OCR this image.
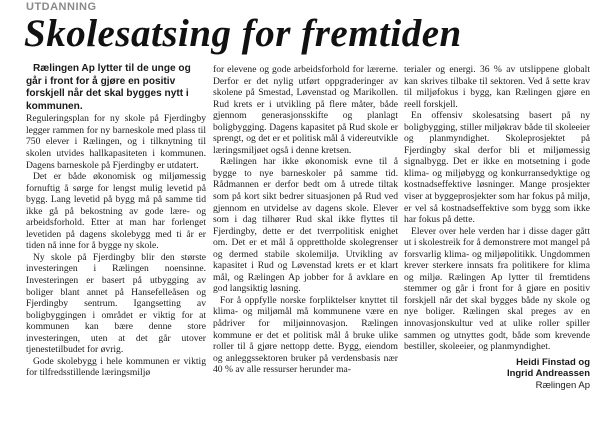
UTDANNING
Skolesatsing for fremtiden

Rælingen Ap lytter til de unge og går i front for å gjøre en positiv forskjell når det skal bygges nytt i kommunen.

Reguleringsplan for ny skole på Fjerdingby legger rammen for ny barneskole med plass til 750 elever i Rælingen, og i tilknytning til skolen utvides hallkapasiteten i kommunen. Dagens barneskole på Fjerdingby er utdatert.

Det er både økonomisk og miljømessig fornuftig å sørge for lengst mulig levetid på bygg. Lang levetid på bygg må på samme tid ikke gå på bekostning av gode lære- og arbeidsforhold. Etter at man har forlenget levetiden på dagens skolebygg med ti år er tiden nå inne for å bygge ny skole.

Ny skole på Fjerdingby blir den største investeringen i Rælingen noensinne. Investeringen er basert på utbygging av boliger blant annet på Hansefelleåsen og Fjerdingby sentrum. Igangsetting av boligbyggingen i området er viktig for at kommunen kan bære denne store investeringen, uten at det går utover tjenestetilbudet for øvrig.

Gode skolebygg i hele kommunen er viktig for tilfredsstillende læringsmiljø

for elevene og gode arbeidsforhold for lærerne. Derfor er det nylig utført oppgraderinger av skolene på Smestad, Løvenstad og Marikollen. Rud krets er i utvikling på flere måter, både gjennom generasjonsskifte og planlagt boligbygging. Dagens kapasitet på Rud skole er sprengt, og det er et politisk mål å videreutvikle læringsmiljøet også i denne kretsen.

Rælingen har ikke økonomisk evne til å bygge to nye barneskoler på samme tid. Rådmannen er derfor bedt om å utrede tiltak som på kort sikt bedrer situasjonen på Rud ved gjennom en utvidelse av dagens skole. Elever som i dag tilhører Rud skal ikke flyttes til Fjerdingby, dette er det tverrpolitisk enighet om. Det er et mål å opprettholde skolegrenser og dermed stabile skolemiljø. Utvikling av kapasitet i Rud og Løvenstad krets er et klart mål, og Rælingen Ap jobber for å avklare en god langsiktig løsning.

For å oppfylle norske forpliktelser knyttet til klima- og miljømål må kommunene være en pådriver for miljøinnovasjon. Rælingen kommune er det et politisk mål å bruke ulike roller til å gjøre nettopp dette. Bygg, eiendom og anleggssektoren bruker på verdensbasis nær 40 % av alle ressurser herunder ma-

terialer og energi. 36 % av utslippene globalt kan skrives tilbake til sektoren. Ved å sette krav til miljøfokus i bygg, kan Rælingen gjøre en reell forskjell.

En offensiv skolesatsing basert på ny boligbygging, stiller miljøkrav både til skoleeier og planmyndighet. Skoleprosjektet på Fjerdingby skal derfor bli et miljømessig signalbygg. Det er ikke en motsetning i gode klima- og miljøbygg og konkurransedyktige og kostnadseffektive løsninger. Mange prosjekter viser at byggeprosjekter som har fokus på miljø, er vel så kostnadseffektive som bygg som ikke har fokus på dette.

Elever over hele verden har i disse dager gått ut i skolestreik for å demonstrere mot mangel på forsvarlig klima- og miljøpolitikk. Ungdommen krever sterkere innsats fra politikere for klima og miljø. Rælingen Ap lytter til fremtidens stemmer og går i front for å gjøre en positiv forskjell når det skal bygges både ny skole og nye boliger. Rælingen skal preges av en innovasjonskultur ved at ulike roller spiller sammen og utnyttes godt, både som krevende bestiller, skoleeier, og planmyndighet.

Heidi Finstad og
Ingrid Andreassen
Rælingen Ap
